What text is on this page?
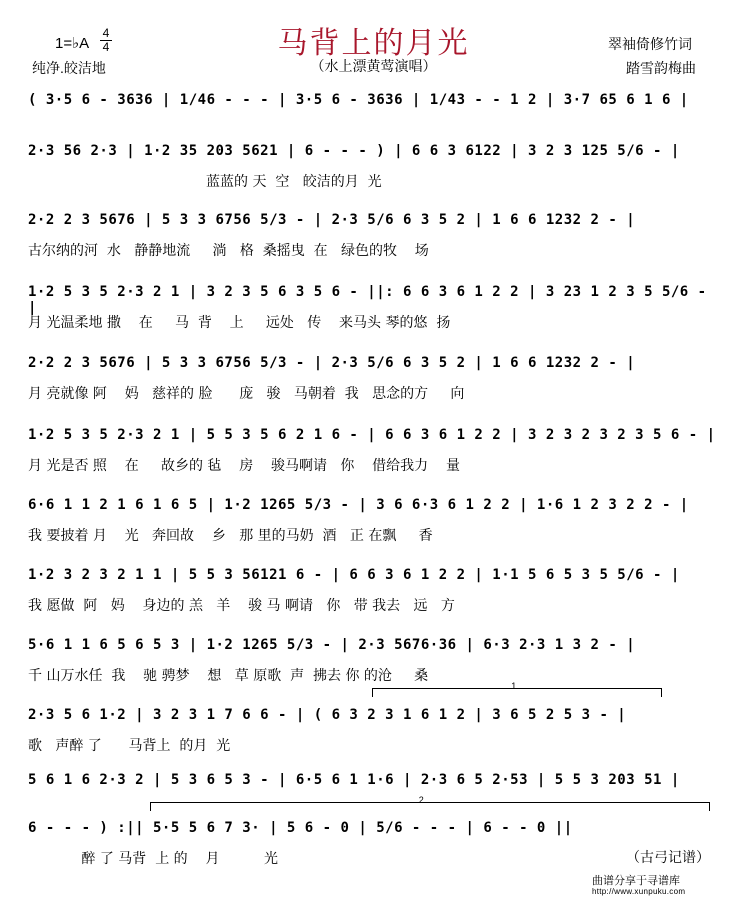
马背上的月光
（水上漂黄莺演唱）
1=♭A
4
4
纯净.皎洁地
翠袖倚修竹词
踏雪韵梅曲
( 3·5 6 - 3636 | 1/46 - - - | 3·5 6 - 3636 | 1/43 - - 1 2 | 3·7 65 6 1 6 |
2·3 56 2·3 | 1·2 35 203 5621 | 6 - - - ) | 6 6 3 6122 | 3 2 3 125 5/6 - |
蓝蓝的 天  空   皎洁的月  光
2·2 2 3 5676 | 5 3 3 6756 5/3 - | 2·3 5/6 6 3 5 2 | 1 6 6 1232 2 - |
古尔纳的河  水   静静地流     淌   格  桑摇曳  在   绿色的牧    场
1·2 5 3 5 2·3 2 1 | 3 2 3 5 6 3 5 6 - ||: 6 6 3 6 1 2 2 | 3 23 1 2 3 5 5/6 - |
月 光温柔地 撒    在     马  背    上     远处   传    来马头 琴的悠  扬
2·2 2 3 5676 | 5 3 3 6756 5/3 - | 2·3 5/6 6 3 5 2 | 1 6 6 1232 2 - |
月 亮就像 阿    妈   慈祥的 脸      庞   骏   马朝着  我   思念的方     向
1·2 5 3 5 2·3 2 1 | 5 5 3 5 6 2 1 6 - | 6 6 3 6 1 2 2 | 3 2 3 2 3 2 3 5 6 - |
月 光是否 照    在     故乡的 毡    房    骏马啊请   你    借给我力    量
6·6 1 1 2 1 6 1 6 5 | 1·2 1265 5/3 - | 3 6 6·3 6 1 2 2 | 1·6 1 2 3 2 2 - |
我 要披着 月    光   奔回故    乡   那 里的马奶  酒   正 在飘     香
1·2 3 2 3 2 1 1 | 5 5 3 56121 6 - | 6 6 3 6 1 2 2 | 1·1 5 6 5 3 5 5/6 - |
我 愿做  阿   妈    身边的 羔   羊    骏 马 啊请   你   带 我去   远   方
5·6 1 1 6 5 6 5 3 | 1·2 1265 5/3 - | 2·3 5676·36 | 6·3 2·3 1 3 2 - |
千 山万水任  我    驰 骋梦    想   草 原歌  声  拂去 你 的沧     桑
2·3 5 6 1·2 | 3 2 3 1 7 6 6 - | ( 6 3 2 3 1 6 1 2 | 3 6 5 2 5 3 - |
歌   声醉 了      马背上  的月  光
5 6 1 6 2·3 2 | 5 3 6 5 3 - | 6·5 6 1 1·6 | 2·3 6 5 2·53 | 5 5 3 203 51 |
6 - - - ) :|| 5·5 5 6 7 3· | 5 6 - 0 | 5/6 - - - | 6 - - 0 ||
醉 了 马背  上 的    月          光	（古弓记谱）
曲谱分享于寻谱库
http://www.xunpuku.com
1
2
